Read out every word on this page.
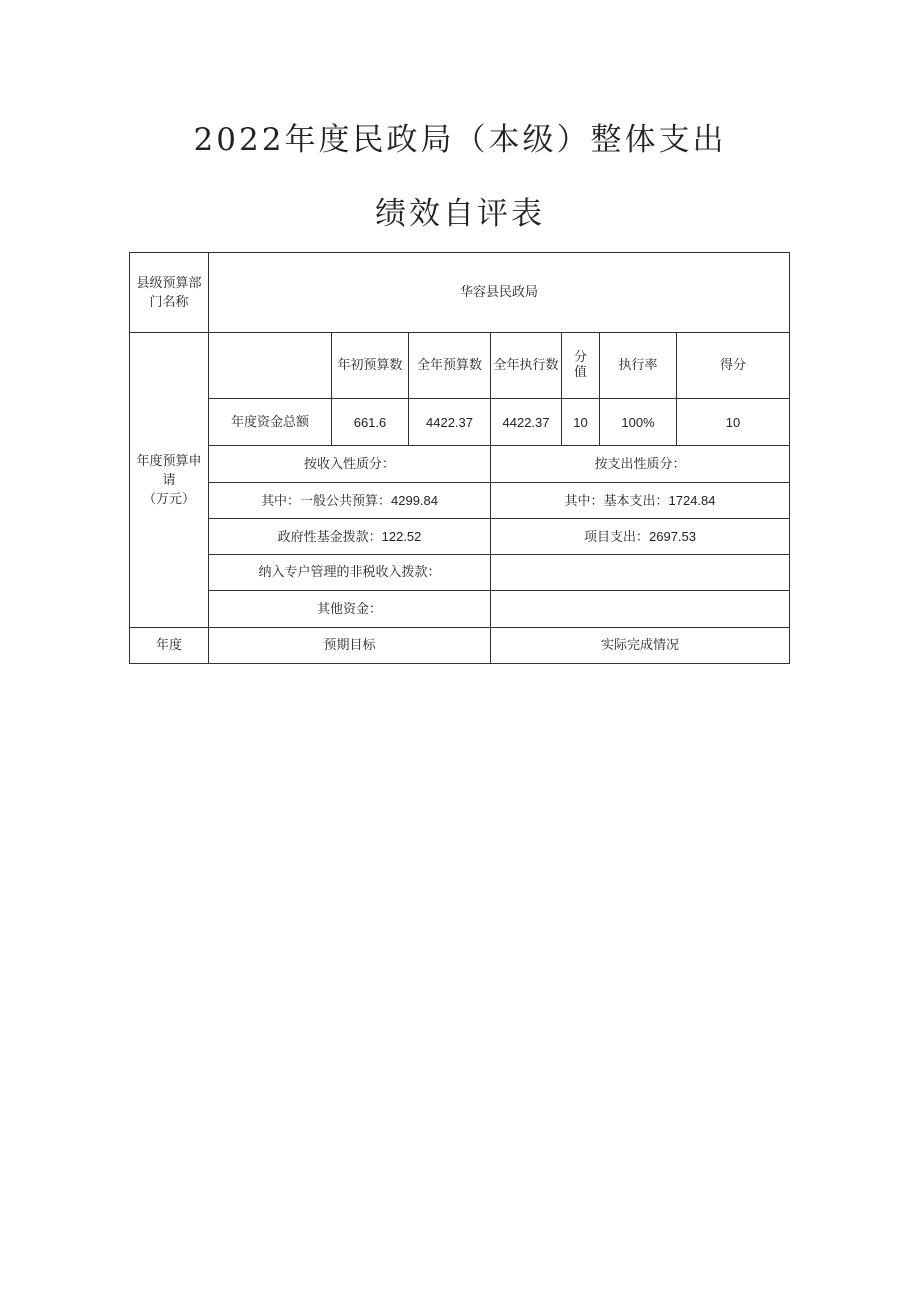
2022年度民政局（本级）整体支出
绩效自评表
县级预算部门名称	华容县民政局						

年度预算申请
（万元）		年初预算数	全年预算数	全年执行数	分值	执行率	得分
	年度资金总额	661.6	4422.37	4422.37	10	100%	10
	按收入性质分：			按支出性质分：			
	其中：一般公共预算：4299.84			其中：基本支出：1724.84			
	政府性基金拨款：122.52			项目支出：2697.53			
	纳入专户管理的非税收入拨款：						
	其他资金：						
年度	预期目标			实际完成情况			
